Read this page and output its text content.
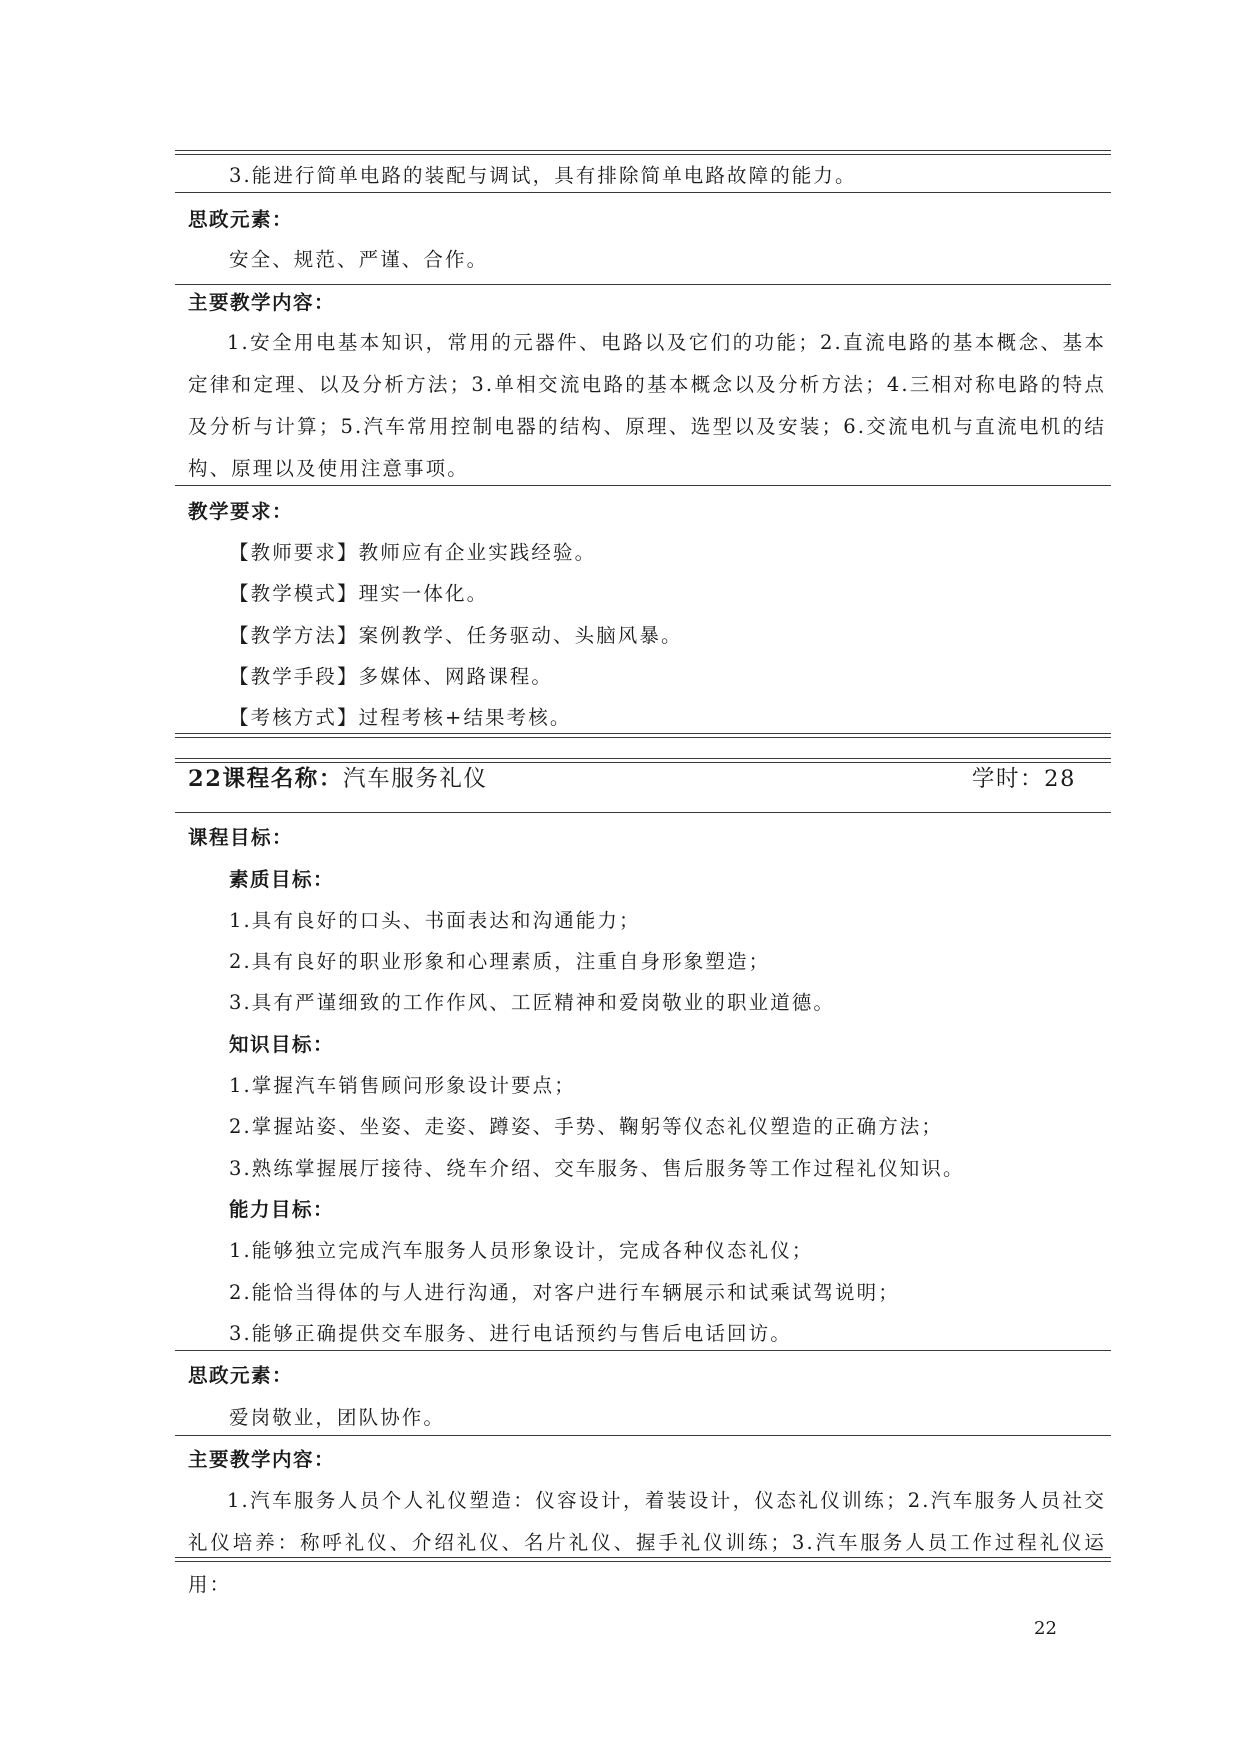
3.能进行简单电路的装配与调试，具有排除简单电路故障的能力。
思政元素：
安全、规范、严谨、合作。
主要教学内容：
1.安全用电基本知识，常用的元器件、电路以及它们的功能；2.直流电路的基本概念、基本定律和定理、以及分析方法；3.单相交流电路的基本概念以及分析方法；4.三相对称电路的特点及分析与计算；5.汽车常用控制电器的结构、原理、选型以及安装；6.交流电机与直流电机的结构、原理以及使用注意事项。
教学要求：
【教师要求】教师应有企业实践经验。
【教学模式】理实一体化。
【教学方法】案例教学、任务驱动、头脑风暴。
【教学手段】多媒体、网路课程。
【考核方式】过程考核+结果考核。
22课程名称：汽车服务礼仪	学时：28
课程目标：
素质目标：
1.具有良好的口头、书面表达和沟通能力；
2.具有良好的职业形象和心理素质，注重自身形象塑造；
3.具有严谨细致的工作作风、工匠精神和爱岗敬业的职业道德。
知识目标：
1.掌握汽车销售顾问形象设计要点；
2.掌握站姿、坐姿、走姿、蹲姿、手势、鞠躬等仪态礼仪塑造的正确方法；
3.熟练掌握展厅接待、绕车介绍、交车服务、售后服务等工作过程礼仪知识。
能力目标：
1.能够独立完成汽车服务人员形象设计，完成各种仪态礼仪；
2.能恰当得体的与人进行沟通，对客户进行车辆展示和试乘试驾说明；
3.能够正确提供交车服务、进行电话预约与售后电话回访。
思政元素：
爱岗敬业，团队协作。
主要教学内容：
1.汽车服务人员个人礼仪塑造：仪容设计，着装设计，仪态礼仪训练；2.汽车服务人员社交礼仪培养：称呼礼仪、介绍礼仪、名片礼仪、握手礼仪训练；3.汽车服务人员工作过程礼仪运用：
22
